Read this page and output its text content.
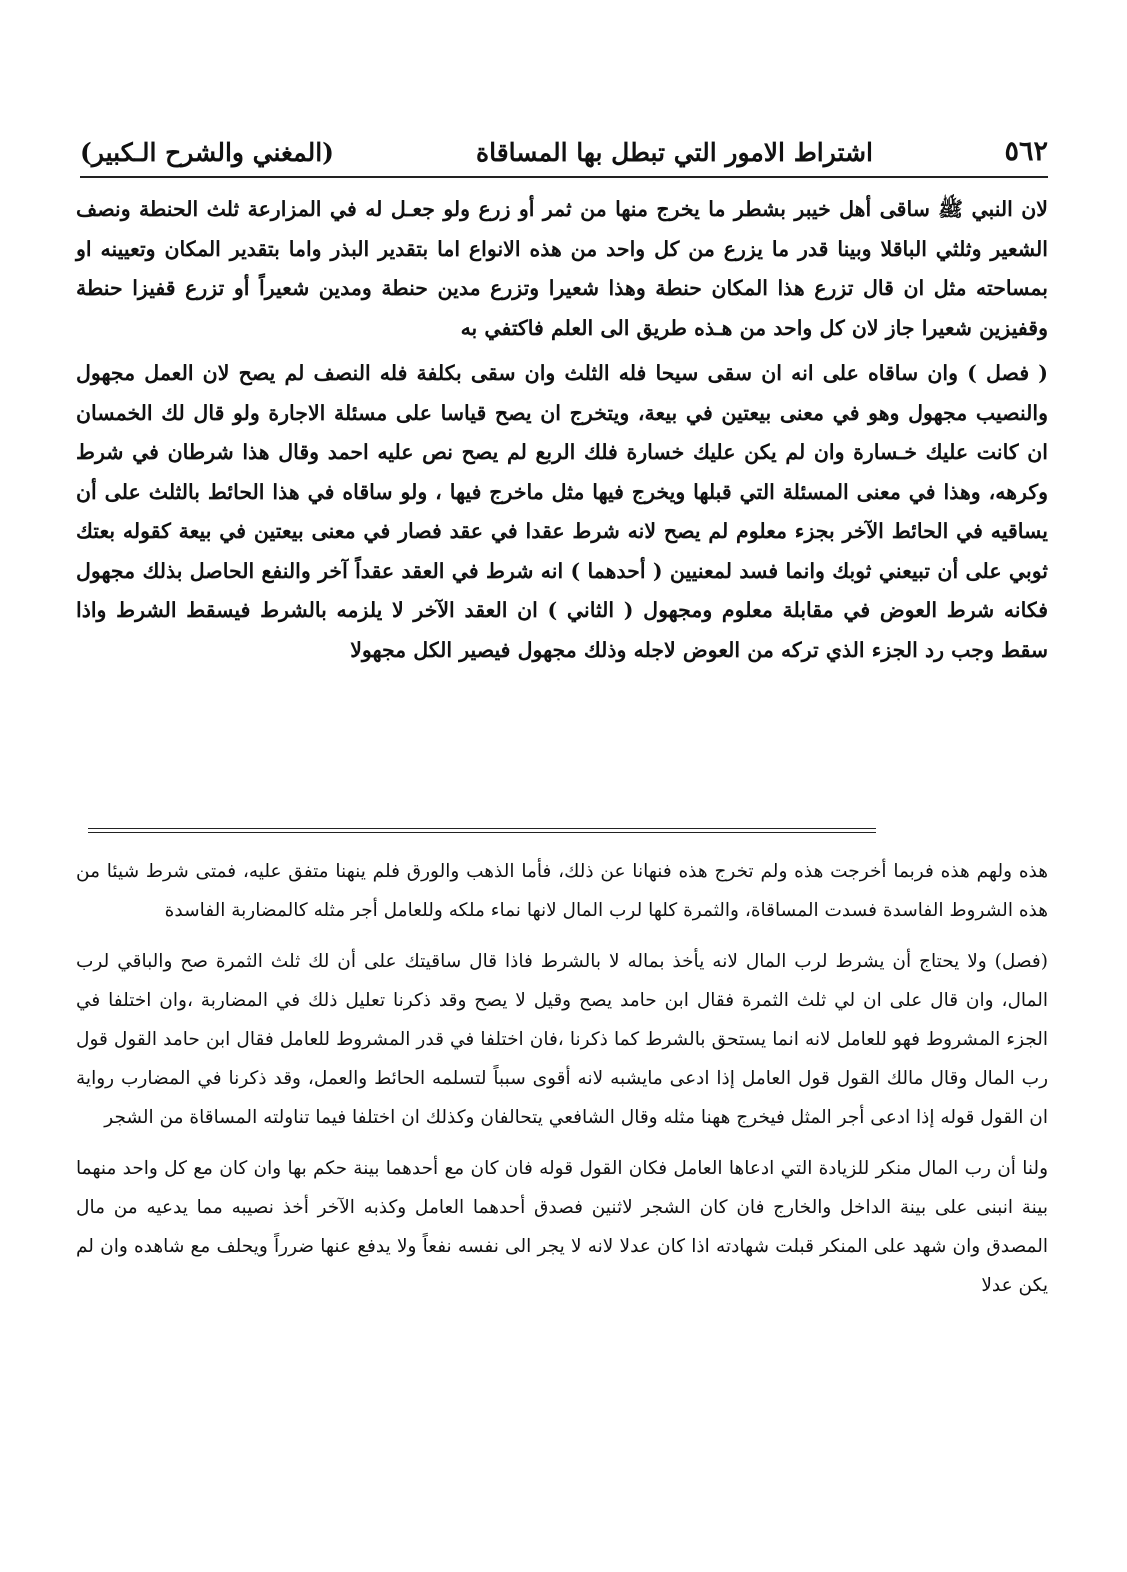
٥٦٢
اشتراط الامور التي تبطل بها المساقاة
(المغني والشرح الـكبير)

لان النبي ﷺ ساقى أهل خيبر بشطر ما يخرج منها من ثمر أو زرع ولو جعـل له في المزارعة ثلث الحنطة ونصف الشعير وثلثي الباقلا وبينا قدر ما يزرع من كل واحد من هذه الانواع اما بتقدير البذر واما بتقدير المكان وتعيينه او بمساحته مثل ان قال تزرع هذا المكان حنطة وهذا شعيرا وتزرع مدين حنطة ومدين شعيراً أو تزرع قفيزا حنطة وقفيزين شعيرا جاز لان كل واحد من هـذه طريق الى العلم فاكتفي به

( فصل ) وان ساقاه على انه ان سقى سيحا فله الثلث وان سقى بكلفة فله النصف لم يصح لان العمل مجهول والنصيب مجهول وهو في معنى بيعتين في بيعة، ويتخرج ان يصح قياسا على مسئلة الاجارة ولو قال لك الخمسان ان كانت عليك خـسارة وان لم يكن عليك خسارة فلك الربع لم يصح نص عليه احمد وقال هذا شرطان في شرط وكرهه، وهذا في معنى المسئلة التي قبلها ويخرج فيها مثل ماخرج فيها ، ولو ساقاه في هذا الحائط بالثلث على أن يساقيه في الحائط الآخر بجزء معلوم لم يصح لانه شرط عقدا في عقد فصار في معنى بيعتين في بيعة كقوله بعتك ثوبي على أن تبيعني ثوبك وانما فسد لمعنيين ( أحدهما ) انه شرط في العقد عقداً آخر والنفع الحاصل بذلك مجهول فكانه شرط العوض في مقابلة معلوم ومجهول ( الثاني ) ان العقد الآخر لا يلزمه بالشرط فيسقط الشرط واذا سقط وجب رد الجزء الذي تركه من العوض لاجله وذلك مجهول فيصير الكل مجهولا

هذه ولهم هذه فربما أخرجت هذه ولم تخرج هذه فنهانا عن ذلك، فأما الذهب والورق فلم ينهنا متفق عليه، فمتى شرط شيئا من هذه الشروط الفاسدة فسدت المساقاة، والثمرة كلها لرب المال لانها نماء ملكه وللعامل أجر مثله كالمضاربة الفاسدة

(فصل) ولا يحتاج أن يشرط لرب المال لانه يأخذ بماله لا بالشرط فاذا قال ساقيتك على أن لك ثلث الثمرة صح والباقي لرب المال، وان قال على ان لي ثلث الثمرة فقال ابن حامد يصح وقيل لا يصح وقد ذكرنا تعليل ذلك في المضاربة ،وان اختلفا في الجزء المشروط فهو للعامل لانه انما يستحق بالشرط كما ذكرنا ،فان اختلفا في قدر المشروط للعامل فقال ابن حامد القول قول رب المال وقال مالك القول قول العامل إذا ادعى مايشبه لانه أقوى سبباً لتسلمه الحائط والعمل، وقد ذكرنا في المضارب رواية ان القول قوله إذا ادعى أجر المثل فيخرج ههنا مثله وقال الشافعي يتحالفان وكذلك ان اختلفا فيما تناولته المساقاة من الشجر

ولنا أن رب المال منكر للزيادة التي ادعاها العامل فكان القول قوله فان كان مع أحدهما بينة حكم بها وان كان مع كل واحد منهما بينة انبنى على بينة الداخل والخارج فان كان الشجر لاثنين فصدق أحدهما العامل وكذبه الآخر أخذ نصيبه مما يدعيه من مال المصدق وان شهد على المنكر قبلت شهادته اذا كان عدلا لانه لا يجر الى نفسه نفعاً ولا يدفع عنها ضرراً ويحلف مع شاهده وان لم يكن عدلا
